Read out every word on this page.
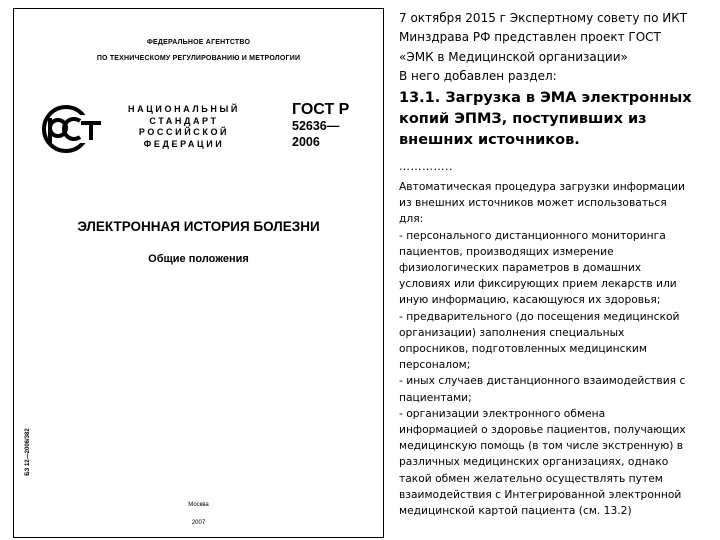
ФЕДЕРАЛЬНОЕ АГЕНТСТВО
ПО ТЕХНИЧЕСКОМУ РЕГУЛИРОВАНИЮ И МЕТРОЛОГИИ
НАЦИОНАЛЬНЫЙ
СТАНДАРТ
РОССИЙСКОЙ
ФЕДЕРАЦИИ
ГОСТ Р
52636—
2006
ЭЛЕКТРОННАЯ ИСТОРИЯ БОЛЕЗНИ
Общие положения
БЗ 12—2006/382
Москва
2007
7 октября 2015 г Экспертному совету по ИКТ
Минздрава РФ представлен проект ГОСТ
«ЭМК в Медицинской организации»
В него добавлен раздел:
13.1. Загрузка в ЭМА электронных
копий ЭПМЗ, поступивших из
внешних источников.
…………..
Автоматическая процедура загрузки информации
из внешних источников может использоваться
для:
- персонального дистанционного мониторинга
пациентов, производящих измерение
физиологических параметров в домашних
условиях или фиксирующих прием лекарств или
иную информацию, касающуюся их здоровья;
- предварительного (до посещения медицинской
организации) заполнения специальных
опросников, подготовленных медицинским
персоналом;
- иных случаев дистанционного взаимодействия с
пациентами;
- организации электронного обмена
информацией о здоровье пациентов, получающих
медицинскую помощь (в том числе экстренную) в
различных медицинских организациях, однако
такой обмен желательно осуществлять путем
взаимодействия с Интегрированной электронной
медицинской картой пациента (см. 13.2)
